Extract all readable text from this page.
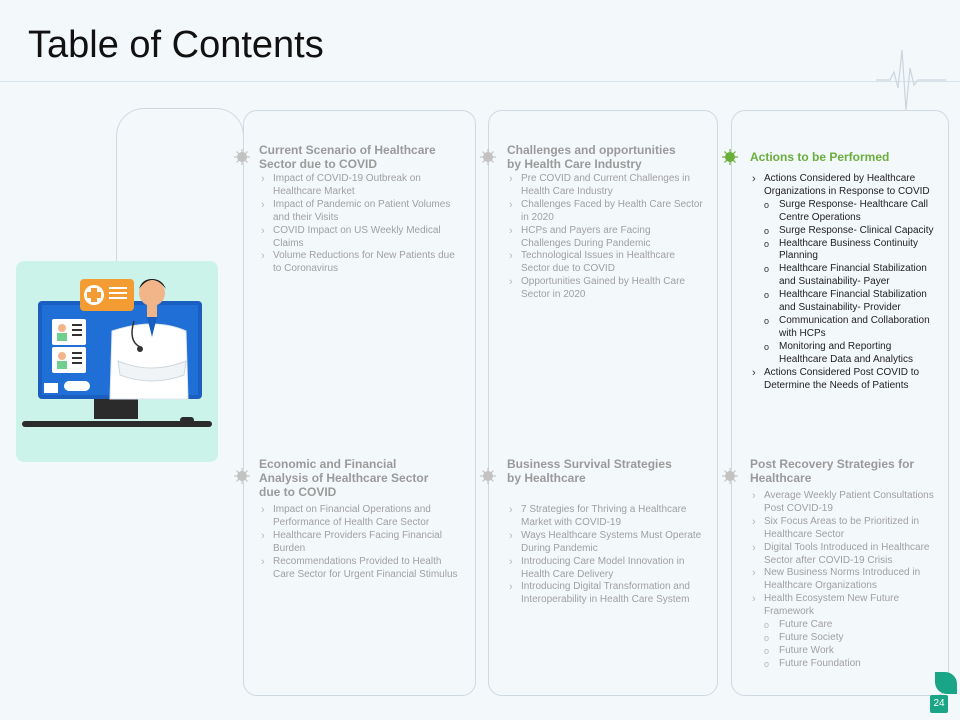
Table of Contents
Current Scenario of Healthcare Sector due to COVID
› Impact of COVID-19 Outbreak on Healthcare Market
› Impact of Pandemic on Patient Volumes and their Visits
› COVID Impact on US Weekly Medical Claims
› Volume Reductions for New Patients due to Coronavirus
Challenges and opportunities by Health Care Industry
› Pre COVID and Current Challenges in Health Care Industry
› Challenges Faced by Health Care Sector in 2020
› HCPs and Payers are Facing Challenges During Pandemic
› Technological Issues in Healthcare Sector due to COVID
› Opportunities Gained by Health Care Sector in 2020
Actions to be Performed
› Actions Considered by Healthcare Organizations in Response to COVID
o Surge Response- Healthcare Call Centre Operations
o Surge Response- Clinical Capacity
o Healthcare Business Continuity Planning
o Healthcare Financial Stabilization and Sustainability- Payer
o Healthcare Financial Stabilization and Sustainability- Provider
o Communication and Collaboration with HCPs
o Monitoring and Reporting Healthcare Data and Analytics
› Actions Considered Post COVID to Determine the Needs of Patients
Economic and Financial Analysis of Healthcare Sector due to COVID
› Impact on Financial Operations and Performance of Health Care Sector
› Healthcare Providers Facing Financial Burden
› Recommendations Provided to Health Care Sector for Urgent Financial Stimulus
Business Survival Strategies by Healthcare
› 7 Strategies for Thriving a Healthcare Market with COVID-19
› Ways Healthcare Systems Must Operate During Pandemic
› Introducing Care Model Innovation in Health Care Delivery
› Introducing Digital Transformation and Interoperability in Health Care System
Post Recovery Strategies for Healthcare
› Average Weekly Patient Consultations Post COVID-19
› Six Focus Areas to be Prioritized in Healthcare Sector
› Digital Tools Introduced in Healthcare Sector after COVID-19 Crisis
› New Business Norms Introduced in Healthcare Organizations
› Health Ecosystem New Future Framework
o Future Care
o Future Society
o Future Work
o Future Foundation
24
